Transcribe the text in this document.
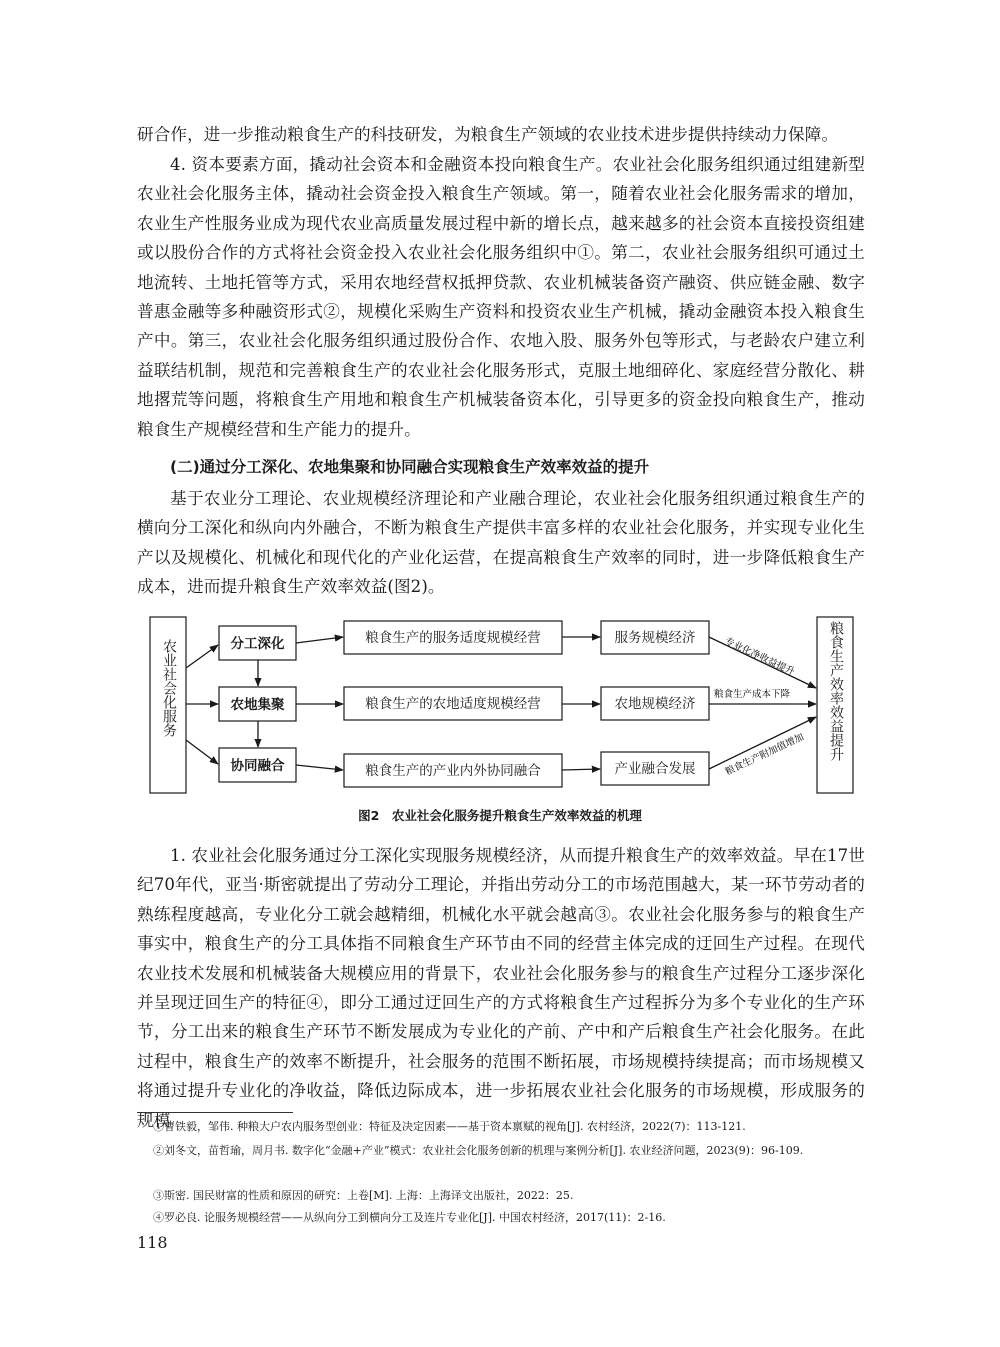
研合作，进一步推动粮食生产的科技研发，为粮食生产领域的农业技术进步提供持续动力保障。

4. 资本要素方面，撬动社会资本和金融资本投向粮食生产。农业社会化服务组织通过组建新型农业社会化服务主体，撬动社会资金投入粮食生产领域。第一，随着农业社会化服务需求的增加，农业生产性服务业成为现代农业高质量发展过程中新的增长点，越来越多的社会资本直接投资组建或以股份合作的方式将社会资金投入农业社会化服务组织中①。第二，农业社会服务组织可通过土地流转、土地托管等方式，采用农地经营权抵押贷款、农业机械装备资产融资、供应链金融、数字普惠金融等多种融资形式②，规模化采购生产资料和投资农业生产机械，撬动金融资本投入粮食生产中。第三，农业社会化服务组织通过股份合作、农地入股、服务外包等形式，与老龄农户建立利益联结机制，规范和完善粮食生产的农业社会化服务形式，克服土地细碎化、家庭经营分散化、耕地撂荒等问题，将粮食生产用地和粮食生产机械装备资本化，引导更多的资金投向粮食生产，推动粮食生产规模经营和生产能力的提升。

(二)通过分工深化、农地集聚和协同融合实现粮食生产效率效益的提升

基于农业分工理论、农业规模经济理论和产业融合理论，农业社会化服务组织通过粮食生产的横向分工深化和纵向内外融合，不断为粮食生产提供丰富多样的农业社会化服务，并实现专业化生产以及规模化、机械化和现代化的产业化运营，在提高粮食生产效率的同时，进一步降低粮食生产成本，进而提升粮食生产效率效益(图2)。

分工深化
农地集聚
协同融合
粮食生产的服务适度规模经营
粮食生产的农地适度规模经营
粮食生产的产业内外协同融合
服务规模经济
农地规模经济
产业融合发展
专业化净收益提升
粮食生产成本下降
粮食生产附加值增加
农业社会化服务	粮食生产效率效益提升

图2　农业社会化服务提升粮食生产效率效益的机理

1. 农业社会化服务通过分工深化实现服务规模经济，从而提升粮食生产的效率效益。早在17世纪70年代，亚当·斯密就提出了劳动分工理论，并指出劳动分工的市场范围越大，某一环节劳动者的熟练程度越高，专业化分工就会越精细，机械化水平就会越高③。农业社会化服务参与的粮食生产事实中，粮食生产的分工具体指不同粮食生产环节由不同的经营主体完成的迂回生产过程。在现代农业技术发展和机械装备大规模应用的背景下，农业社会化服务参与的粮食生产过程分工逐步深化并呈现迂回生产的特征④，即分工通过迂回生产的方式将粮食生产过程拆分为多个专业化的生产环节，分工出来的粮食生产环节不断发展成为专业化的产前、产中和产后粮食生产社会化服务。在此过程中，粮食生产的效率不断提升，社会服务的范围不断拓展，市场规模持续提高；而市场规模又将通过提升专业化的净收益，降低边际成本，进一步拓展农业社会化服务的市场规模，形成服务的规模

①曹铁毅，邹伟. 种粮大户农内服务型创业：特征及决定因素——基于资本禀赋的视角[J]. 农村经济，2022(7)：113-121.

②刘冬文，苗哲瑜，周月书. 数字化“金融+产业”模式：农业社会化服务创新的机理与案例分析[J]. 农业经济问题，2023(9)：96-109.

③斯密. 国民财富的性质和原因的研究：上卷[M]. 上海：上海译文出版社，2022：25.

④罗必良. 论服务规模经营——从纵向分工到横向分工及连片专业化[J]. 中国农村经济，2017(11)：2-16.

118
